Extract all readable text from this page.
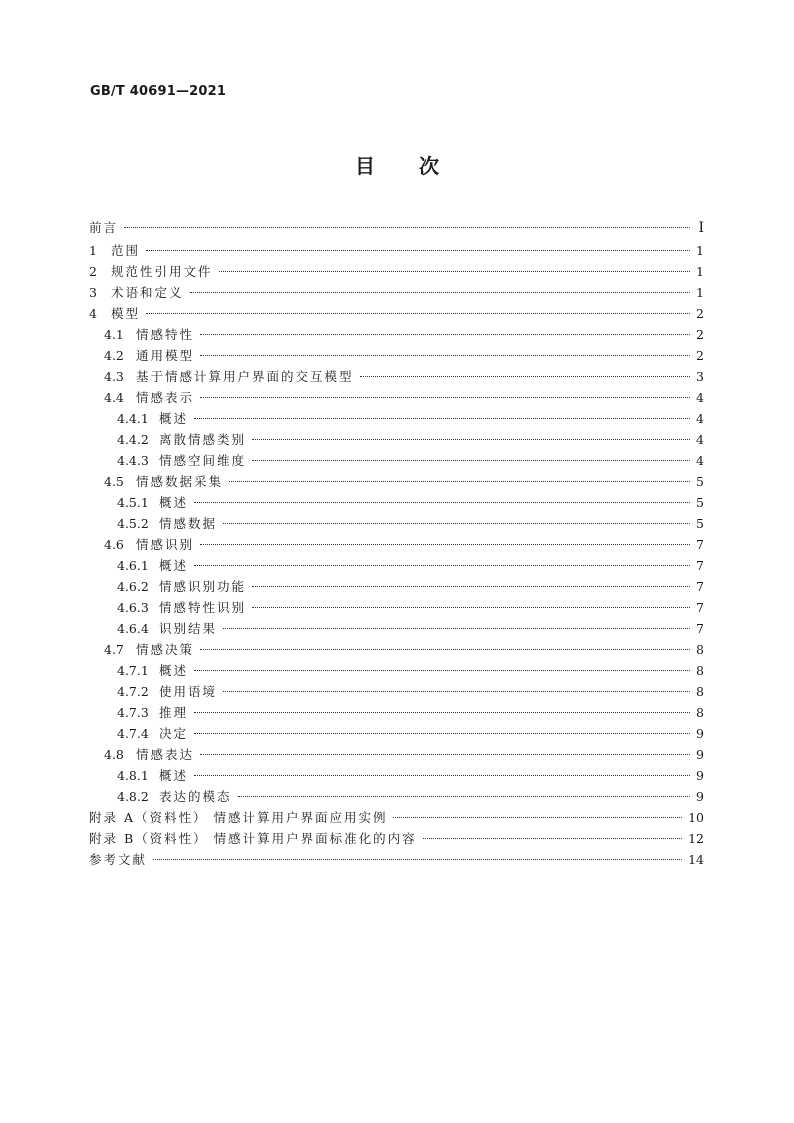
GB/T 40691—2021
目 次
前言	Ⅰ
1	范围	1
2	规范性引用文件	1
3	术语和定义	1
4	模型	2
4.1 情感特性	2
4.2 通用模型	2
4.3 基于情感计算用户界面的交互模型	3
4.4 情感表示	4
4.4.1 概述	4
4.4.2 离散情感类别	4
4.4.3 情感空间维度	4
4.5 情感数据采集	5
4.5.1 概述	5
4.5.2 情感数据	5
4.6 情感识别	7
4.6.1 概述	7
4.6.2 情感识别功能	7
4.6.3 情感特性识别	7
4.6.4 识别结果	7
4.7 情感决策	8
4.7.1 概述	8
4.7.2 使用语境	8
4.7.3 推理	8
4.7.4 决定	9
4.8 情感表达	9
4.8.1 概述	9
4.8.2 表达的模态	9
附录 A（资料性） 情感计算用户界面应用实例	10
附录 B（资料性） 情感计算用户界面标准化的内容	12
参考文献	14
